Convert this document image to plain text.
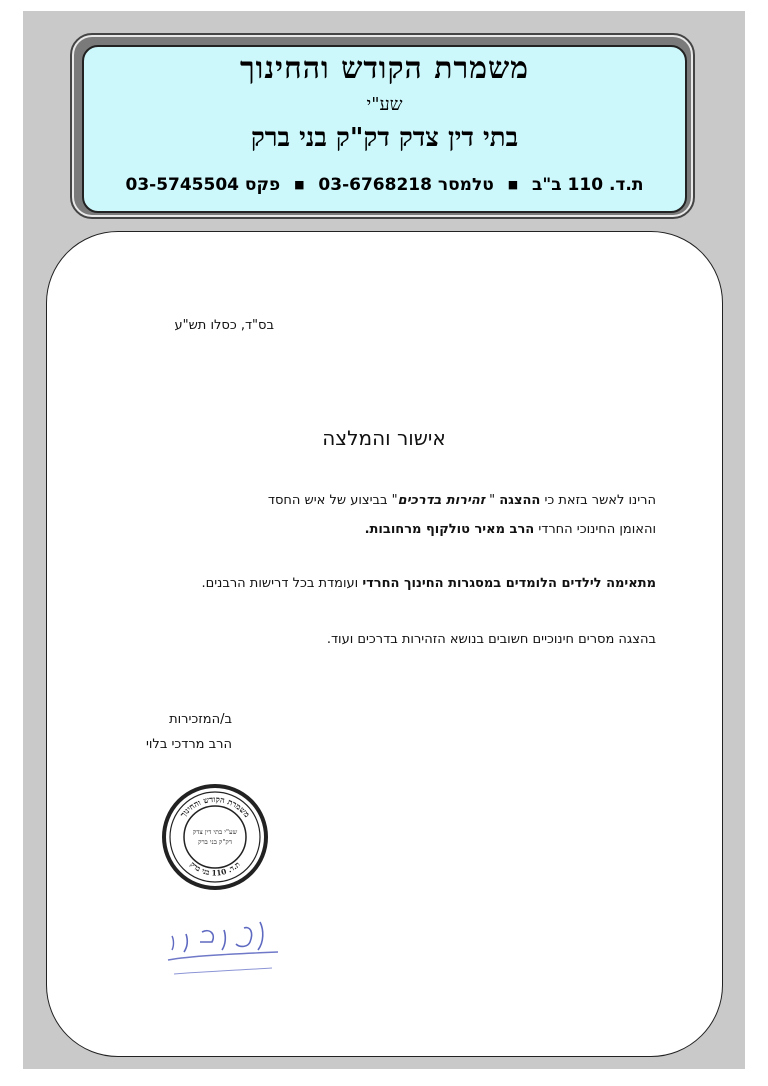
משמרת הקודש והחינוך
שע"י
בתי דין צדק דק"ק בני ברק
ת.ד. 110 ב"ב ■ טלמסר 03-6768218 ■ פקס 03-5745504
בס"ד, כסלו תש"ע
אישור והמלצה
הרינו לאשר בזאת כי ההצגה " זהירות בדרכים" בביצוע של איש החסד
והאומן החינוכי החרדי הרב מאיר טולקוף מרחובות.
מתאימה לילדים הלומדים במסגרות החינוך החרדי ועומדת בכל דרישות הרבנים.
בהצגה מסרים חינוכיים חשובים בנושא הזהירות בדרכים ועוד.
ב/המזכירות
הרב מרדכי בלוי
משמרת הקודש והחינוך
ת.ד. 110 בני ברק
שע"י בתי דין צדק
דק"ק בני ברק
